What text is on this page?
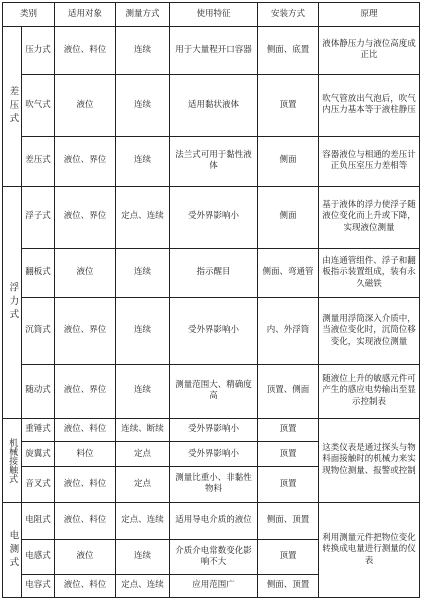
类别		适用对象	测量方式	使用特征	安装方式	原理
差压式	压力式	液位、料位	连续	用于大量程开口容器	侧面、底置	液体静压力与液位高度成正比
	吹气式	液位	连续	适用黏状液体	顶置	吹气管放出气泡后，吹气内压力基本等于液柱静压
	差压式	液位、界位	连续	法兰式可用于黏性液体	侧面	容器液位与相通的差压计正负压室压力差相等
浮力式	浮子式	液位、界位	定点、连续	受外界影响小	侧面	基于液体的浮力使浮子随液位变化而上升或下降，实现液位测量
	翻板式	液位	连续	指示醒目	侧面、弯通管	由连通管组件、浮子和翻板指示装置组成，装有永久磁铁
	沉筒式	液位、界位	连续	受外界影响小	内、外浮筒	测量用浮筒深入介质中，当液位变化时，沉筒位移变化，实现液位测量
	随动式	液位、界位	连续	测量范围大、精确度高	顶置、侧面	随液位上升的敏感元件可产生的感应电势输出至显示控制表
机械接触式	重锤式	液位、料位	连续、断续	受外界影响小	顶置	这类仪表是通过探头与物料面接触时的机械力来实现物位测量、报警或控制
	旋翼式	料位	定点	受外界影响小	顶置	
	音叉式	液位、料位	定点	测量比重小、非黏性物料	顶置	
电测式	电阻式	液位、料位	定点、连续	适用导电介质的液位	侧面、顶置	利用测量元件把物位变化转换成电量进行测量的仪表
	电感式	液位	连续	介质介电常数变化影响不大	顶置	
	电容式	液位、料位	定点、连续	应用范围广	侧面、顶置	
